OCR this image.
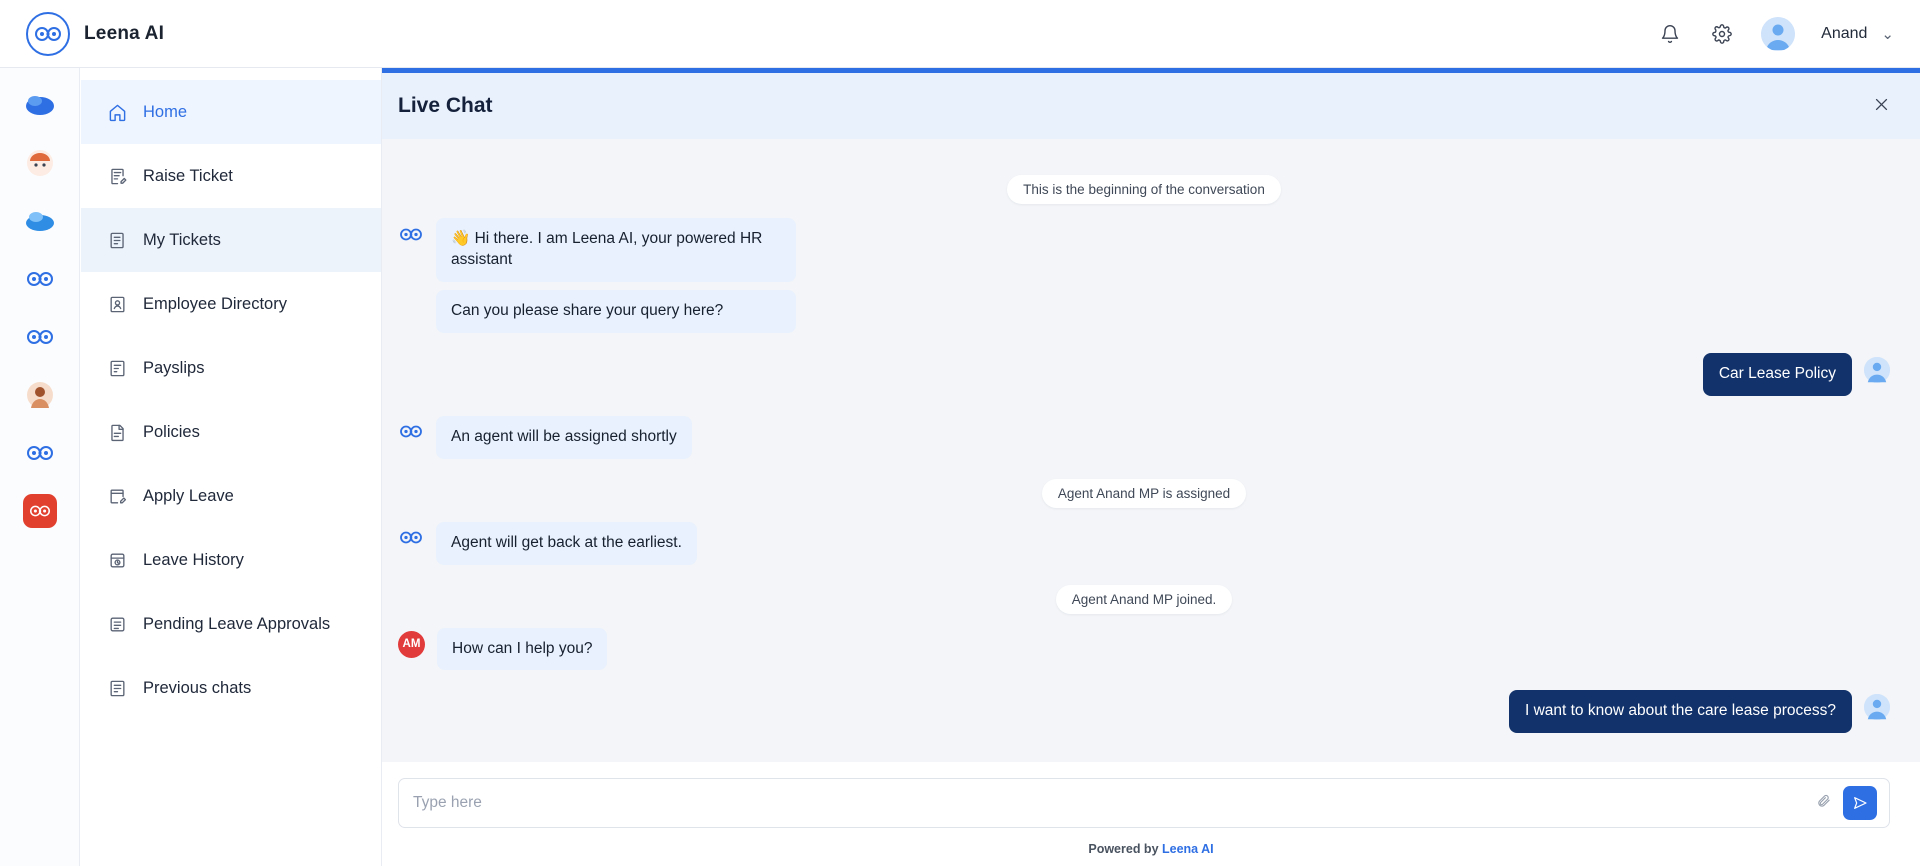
Leena AI	Anand ⌄
Home
Raise Ticket
My Tickets
Employee Directory
Payslips
Policies
Apply Leave
Leave History
Pending Leave Approvals
Previous chats
Live Chat
This is the beginning of the conversation
👋 Hi there. I am Leena AI, your powered HR assistant
Can you please share your query here?
Car Lease Policy
An agent will be assigned shortly
Agent Anand MP is assigned
Agent will get back at the earliest.
Agent Anand MP joined.
AM	How can I help you?
I want to know about the care lease process?
Type here
Powered by Leena AI
